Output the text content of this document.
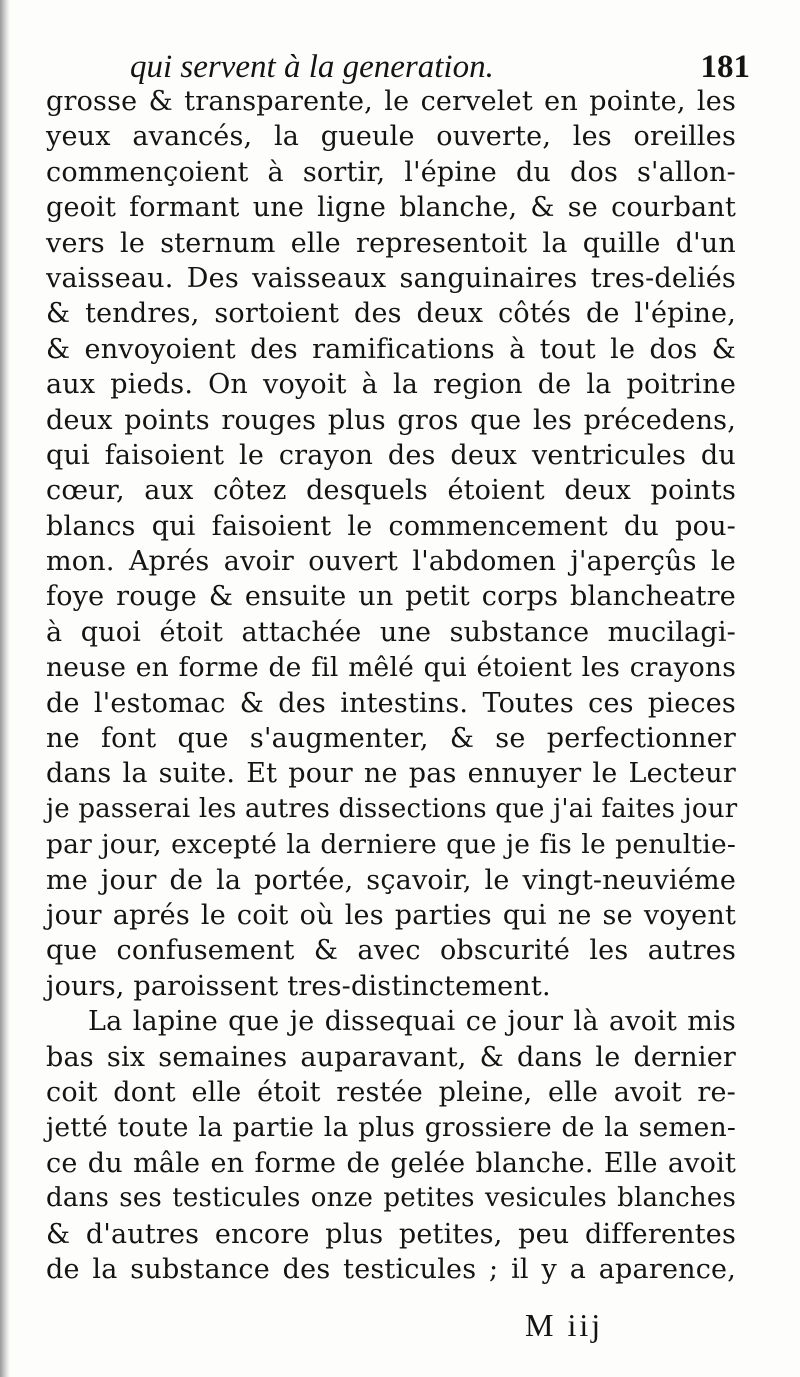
qui servent à la generation.	181
grosse & transparente, le cervelet en pointe, les
yeux avancés, la gueule ouverte, les oreilles
commençoient à sortir, l'épine du dos s'allon-
geoit formant une ligne blanche, & se courbant
vers le sternum elle representoit la quille d'un
vaisseau. Des vaisseaux sanguinaires tres-deliés
& tendres, sortoient des deux côtés de l'épine,
& envoyoient des ramifications à tout le dos &
aux pieds. On voyoit à la region de la poitrine
deux points rouges plus gros que les précedens,
qui faisoient le crayon des deux ventricules du
cœur, aux côtez desquels étoient deux points
blancs qui faisoient le commencement du pou-
mon. Aprés avoir ouvert l'abdomen j'aperçûs le
foye rouge & ensuite un petit corps blancheatre
à quoi étoit attachée une substance mucilagi-
neuse en forme de fil mêlé qui étoient les crayons
de l'estomac & des intestins. Toutes ces pieces
ne font que s'augmenter, & se perfectionner
dans la suite. Et pour ne pas ennuyer le Lecteur
je passerai les autres dissections que j'ai faites jour
par jour, excepté la derniere que je fis le penultie-
me jour de la portée, sçavoir, le vingt-neuviéme
jour aprés le coit où les parties qui ne se voyent
que confusement & avec obscurité les autres
jours, paroissent tres-distinctement.
La lapine que je dissequai ce jour là avoit mis
bas six semaines auparavant, & dans le dernier
coit dont elle étoit restée pleine, elle avoit re-
jetté toute la partie la plus grossiere de la semen-
ce du mâle en forme de gelée blanche. Elle avoit
dans ses testicules onze petites vesicules blanches
& d'autres encore plus petites, peu differentes
de la substance des testicules ; il y a aparence,
M iij
